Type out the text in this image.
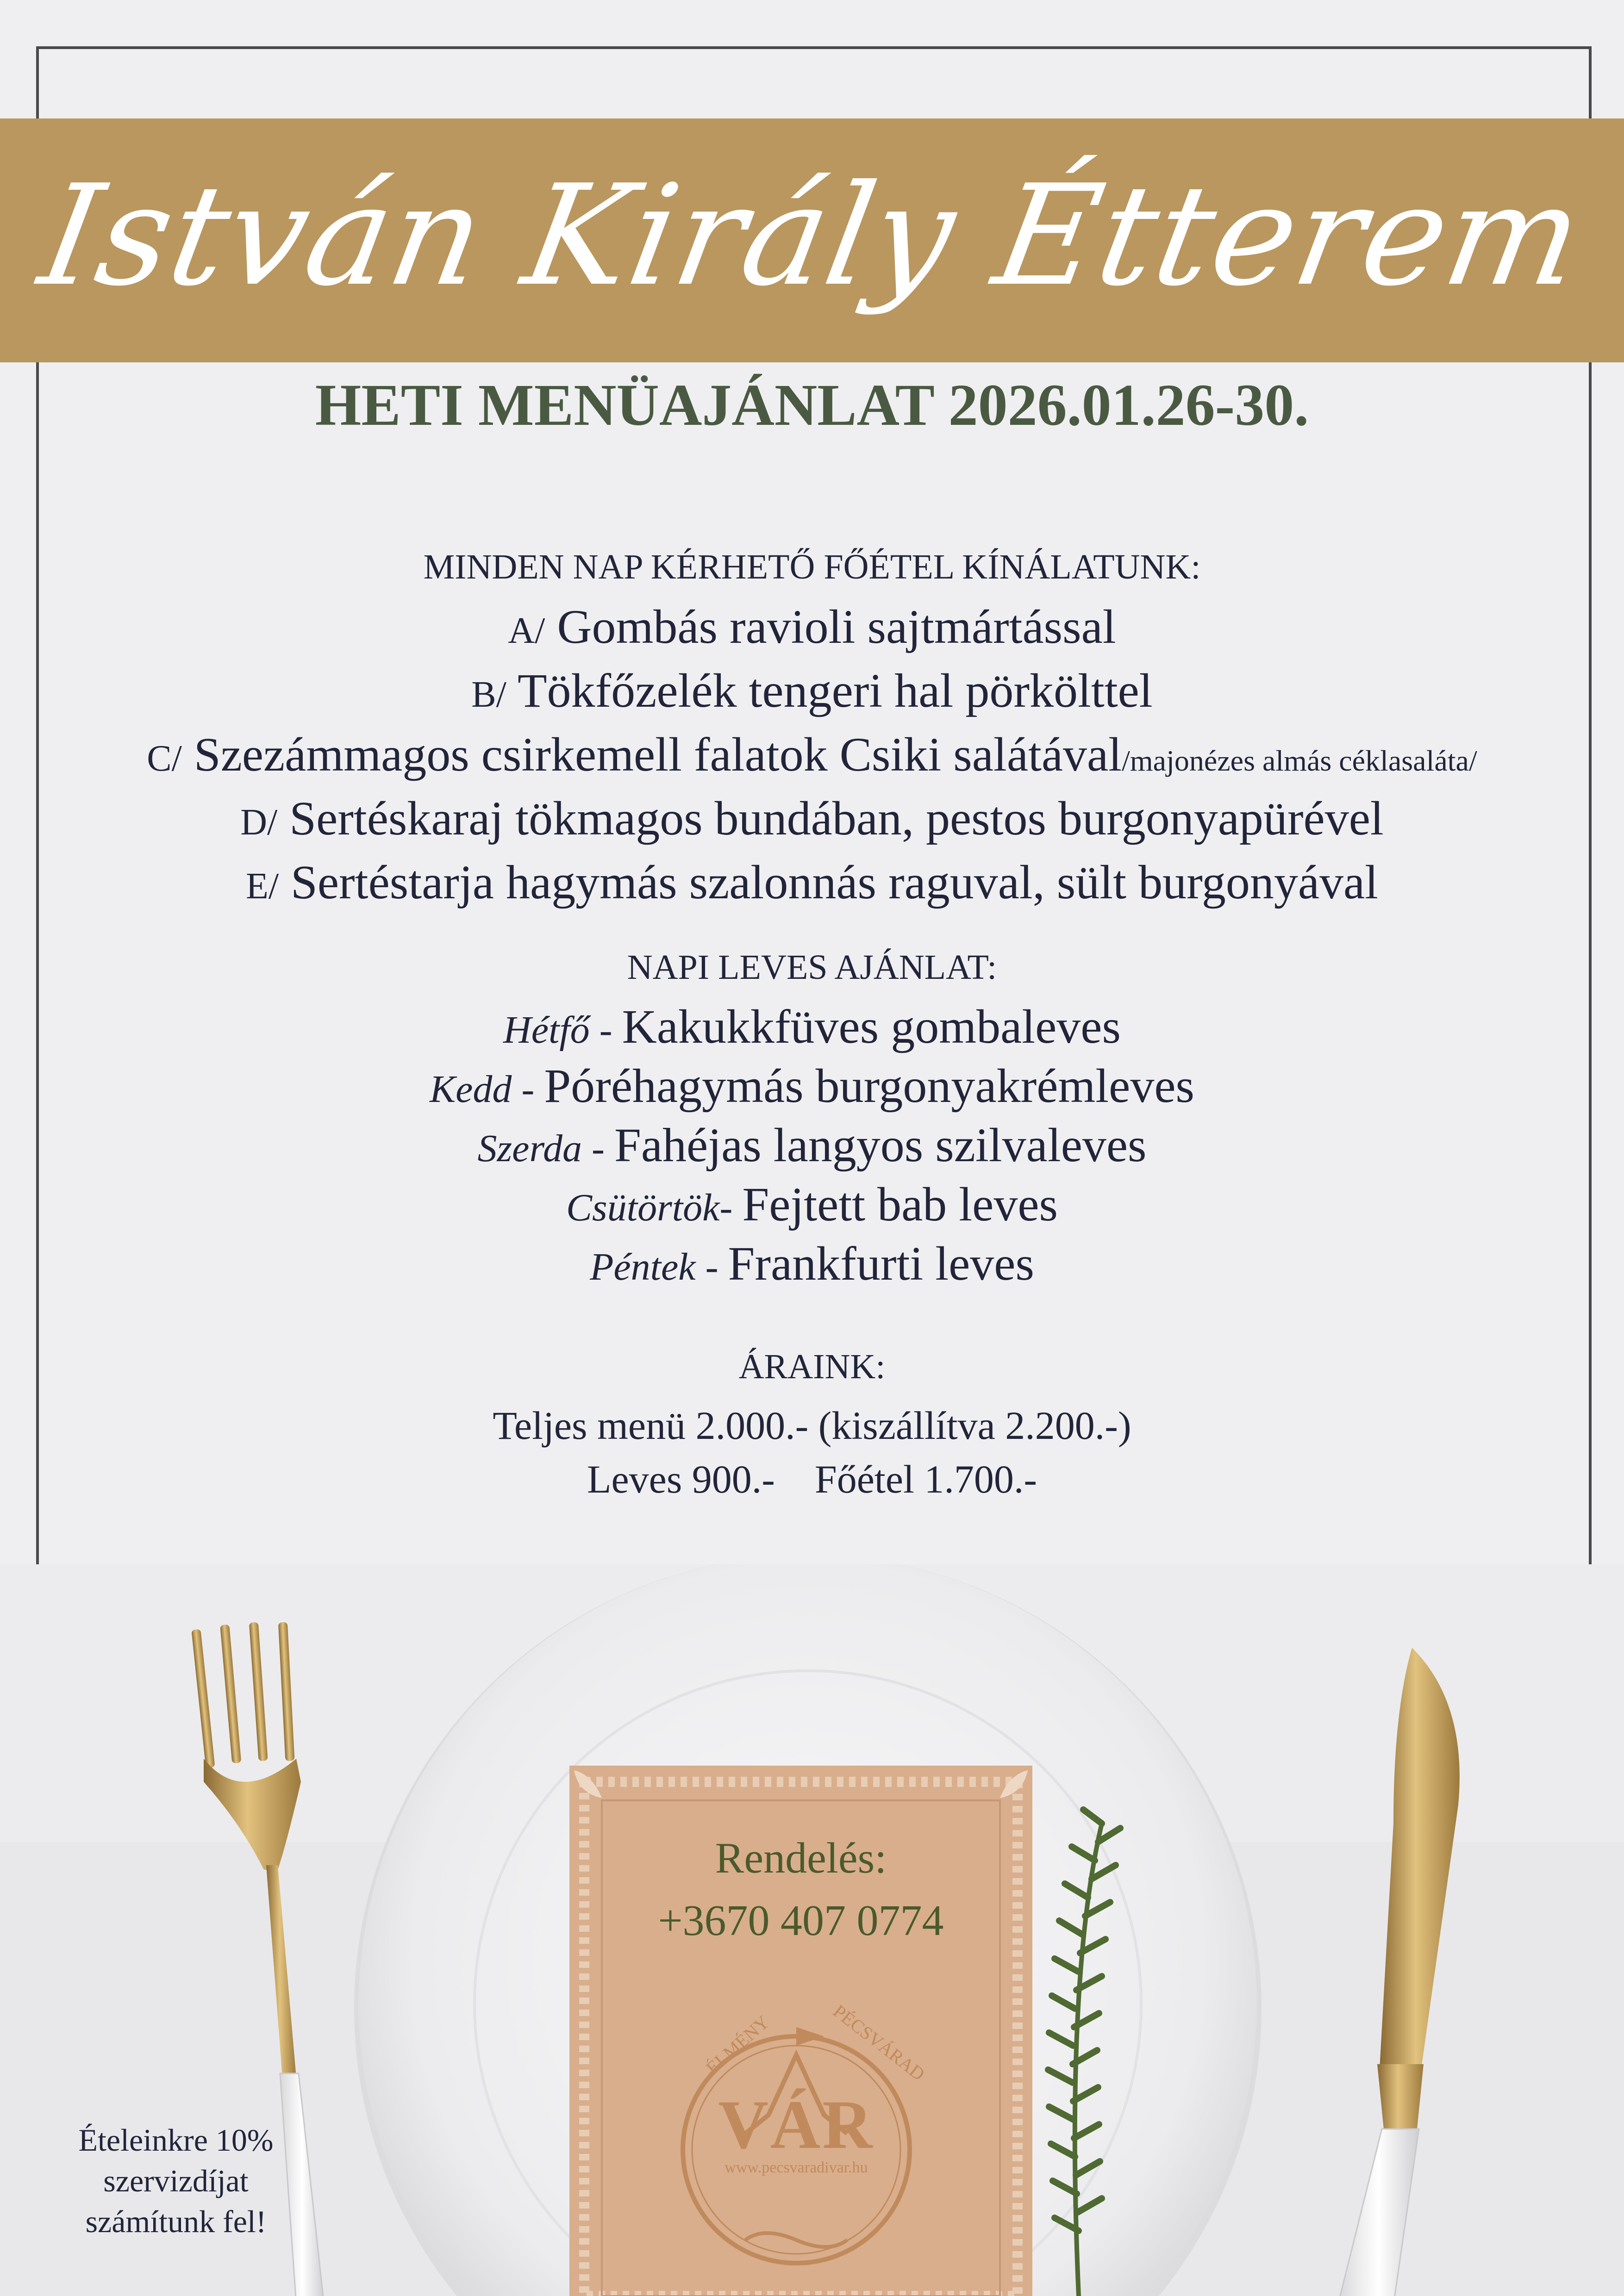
István Király Étterem
HETI MENÜAJÁNLAT 2026.01.26-30.
MINDEN NAP KÉRHETŐ FŐÉTEL KÍNÁLATUNK:
A/ Gombás ravioli sajtmártással
B/ Tökfőzelék tengeri hal pörkölttel
C/ Szezámmagos csirkemell falatok Csiki salátával/majonézes almás céklasaláta/
D/ Sertéskaraj tökmagos bundában, pestos burgonyapürével
E/ Sertéstarja hagymás szalonnás raguval, sült burgonyával
NAPI LEVES AJÁNLAT:
Hétfő - Kakukkfüves gombaleves
Kedd - Póréhagymás burgonyakrémleves
Szerda - Fahéjas langyos szilvaleves
Csütörtök- Fejtett bab leves
Péntek - Frankfurti leves
ÁRAINK:
Teljes menü 2.000.- (kiszállítva 2.200.-)
Leves 900.-    Főétel 1.700.-
Rendelés:
+3670 407 0774
ÉLMÉNY	PÉCSVÁRAD
VÁR
www.pecsvaradivar.hu
Ételeinkre 10%
szervizdíjat
számítunk fel!
